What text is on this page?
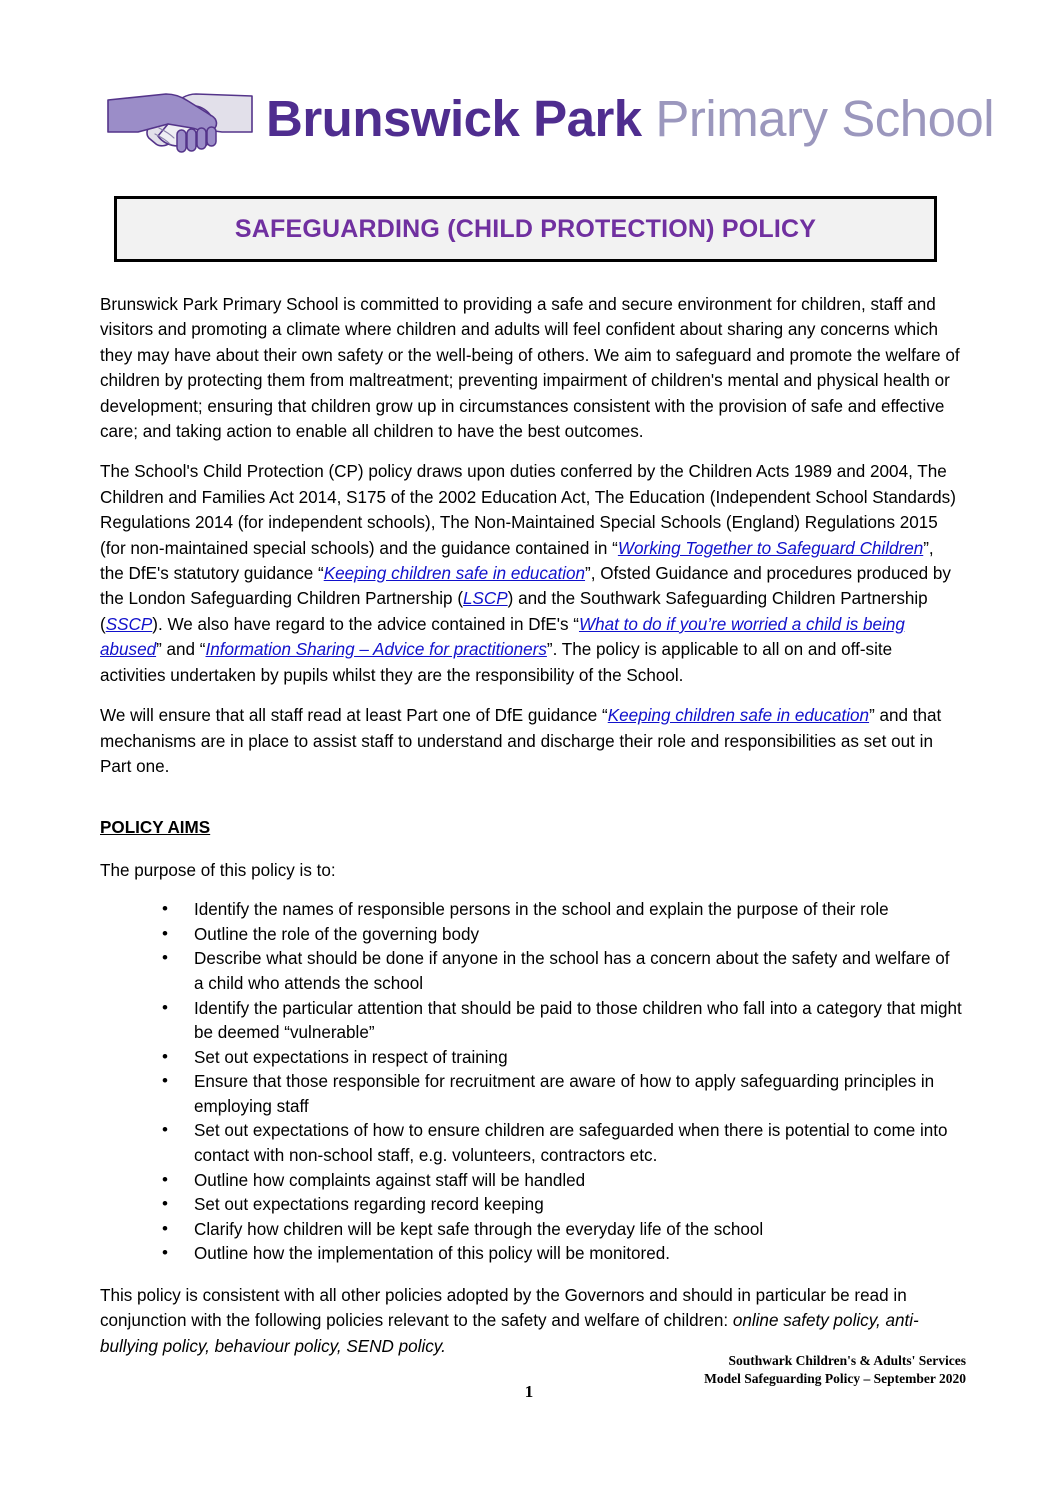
Brunswick Park Primary School
SAFEGUARDING (CHILD PROTECTION) POLICY

Brunswick Park Primary School is committed to providing a safe and secure environment for children, staff and visitors and promoting a climate where children and adults will feel confident about sharing any concerns which they may have about their own safety or the well-being of others. We aim to safeguard and promote the welfare of children by protecting them from maltreatment; preventing impairment of children's mental and physical health or development; ensuring that children grow up in circumstances consistent with the provision of safe and effective care; and taking action to enable all children to have the best outcomes.

The School's Child Protection (CP) policy draws upon duties conferred by the Children Acts 1989 and 2004, The Children and Families Act 2014, S175 of the 2002 Education Act, The Education (Independent School Standards) Regulations 2014 (for independent schools), The Non-Maintained Special Schools (England) Regulations 2015 (for non-maintained special schools) and the guidance contained in “Working Together to Safeguard Children”, the DfE's statutory guidance “Keeping children safe in education”, Ofsted Guidance and procedures produced by the London Safeguarding Children Partnership (LSCP) and the Southwark Safeguarding Children Partnership (SSCP). We also have regard to the advice contained in DfE's “What to do if you’re worried a child is being abused” and “Information Sharing – Advice for practitioners”. The policy is applicable to all on and off-site activities undertaken by pupils whilst they are the responsibility of the School.

We will ensure that all staff read at least Part one of DfE guidance “Keeping children safe in education” and that mechanisms are in place to assist staff to understand and discharge their role and responsibilities as set out in Part one.

POLICY AIMS

The purpose of this policy is to:

• Identify the names of responsible persons in the school and explain the purpose of their role
• Outline the role of the governing body
• Describe what should be done if anyone in the school has a concern about the safety and welfare of a child who attends the school
• Identify the particular attention that should be paid to those children who fall into a category that might be deemed “vulnerable”
• Set out expectations in respect of training
• Ensure that those responsible for recruitment are aware of how to apply safeguarding principles in employing staff
• Set out expectations of how to ensure children are safeguarded when there is potential to come into contact with non-school staff, e.g. volunteers, contractors etc.
• Outline how complaints against staff will be handled
• Set out expectations regarding record keeping
• Clarify how children will be kept safe through the everyday life of the school
• Outline how the implementation of this policy will be monitored.

This policy is consistent with all other policies adopted by the Governors and should in particular be read in conjunction with the following policies relevant to the safety and welfare of children: online safety policy, anti-bullying policy, behaviour policy, SEND policy.

Southwark Children's & Adults' Services
Model Safeguarding Policy – September 2020
1
